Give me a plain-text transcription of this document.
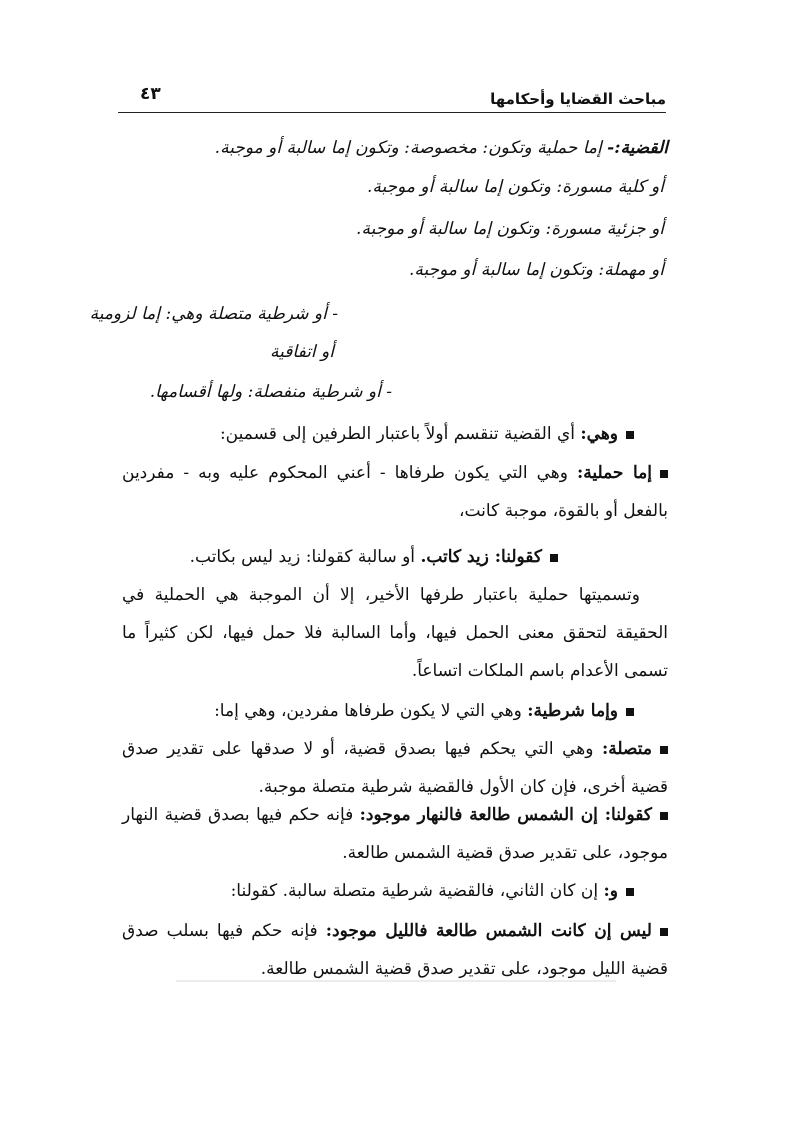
مباحث القضايا وأحكامها
٤٣
القضية:- إما حملية وتكون: مخصوصة: وتكون إما سالبة أو موجبة.
أو كلية مسورة: وتكون إما سالبة أو موجبة.
أو جزئية مسورة: وتكون إما سالبة أو موجبة.
أو مهملة: وتكون إما سالبة أو موجبة.
- أو شرطية متصلة وهي: إما لزومية
أو اتفاقية
- أو شرطية منفصلة: ولها أقسامها.
وهي: أي القضية تنقسم أولاً باعتبار الطرفين إلى قسمين:
إما حملية: وهي التي يكون طرفاها - أعني المحكوم عليه وبه - مفردين بالفعل أو بالقوة، موجبة كانت،
كقولنا: زيد كاتب. أو سالبة كقولنا: زيد ليس بكاتب.
وتسميتها حملية باعتبار طرفها الأخير، إلا أن الموجبة هي الحملية في الحقيقة لتحقق معنى الحمل فيها، وأما السالبة فلا حمل فيها، لكن كثيراً ما تسمى الأعدام باسم الملكات اتساعاً.
وإما شرطية: وهي التي لا يكون طرفاها مفردين، وهي إما:
متصلة: وهي التي يحكم فيها بصدق قضية، أو لا صدقها على تقدير صدق قضية أخرى، فإن كان الأول فالقضية شرطية متصلة موجبة.
كقولنا: إن الشمس طالعة فالنهار موجود: فإنه حكم فيها بصدق قضية النهار موجود، على تقدير صدق قضية الشمس طالعة.
و: إن كان الثاني، فالقضية شرطية متصلة سالبة. كقولنا:
ليس إن كانت الشمس طالعة فالليل موجود: فإنه حكم فيها بسلب صدق قضية الليل موجود، على تقدير صدق قضية الشمس طالعة.
